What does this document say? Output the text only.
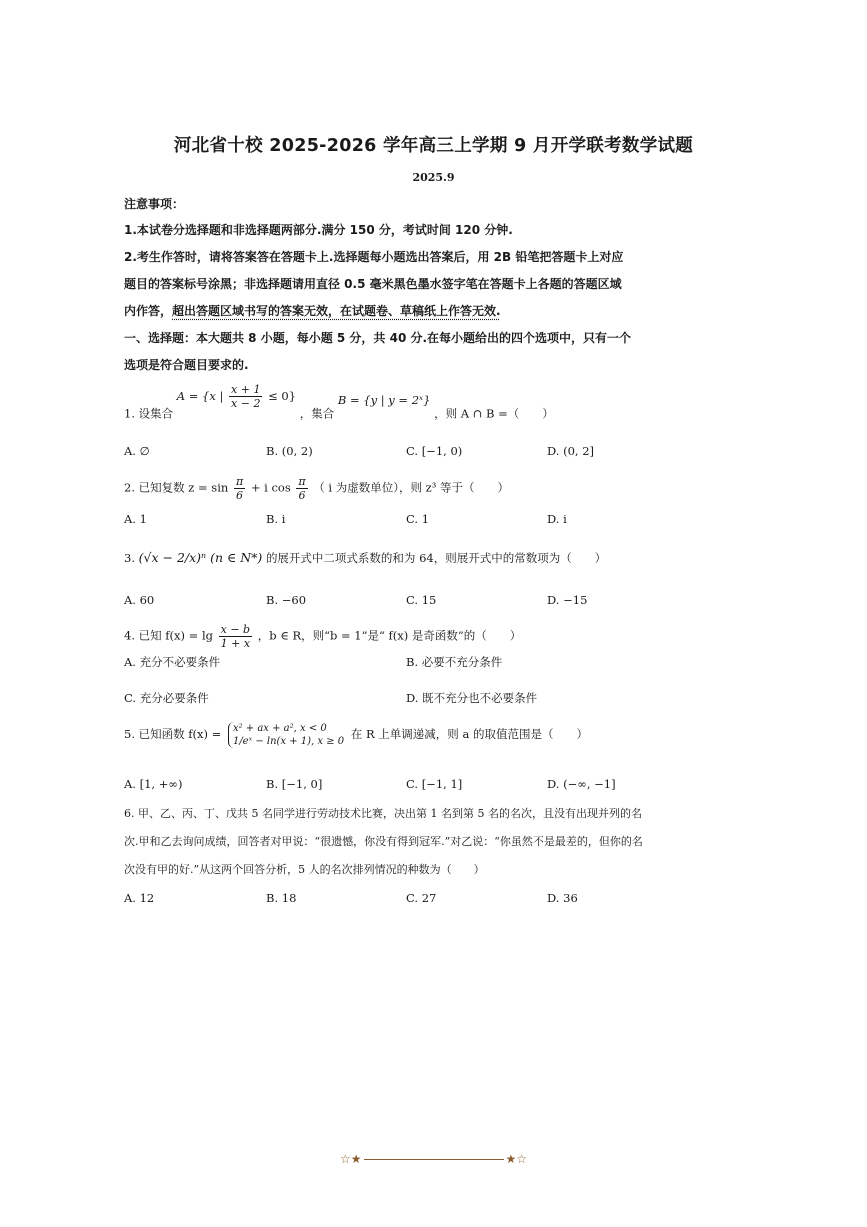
河北省十校 2025-2026 学年高三上学期 9 月开学联考数学试题
2025.9
注意事项：
1.本试卷分选择题和非选择题两部分.满分 150 分，考试时间 120 分钟.
2.考生作答时，请将答案答在答题卡上.选择题每小题选出答案后，用 2B 铅笔把答题卡上对应
题目的答案标号涂黑；非选择题请用直径 0.5 毫米黑色墨水签字笔在答题卡上各题的答题区域
内作答，超出答题区域书写的答案无效，在试题卷、草稿纸上作答无效.
一、选择题：本大题共 8 小题，每小题 5 分，共 40 分.在每小题给出的四个选项中，只有一个
选项是符合题目要求的.
1. 设集合 A = {x | $\frac{x + 1}{x - 2} \le 0$} ，集合 B = {y | y = 2ˣ} ，则 A ∩ B =（　　）
A. ∅	B. (0, 2)	C. [−1, 0)	D. (0, 2]
2. 已知复数 $z = \sin \frac{\pi}{6} + i$ $\cos \frac{\pi}{6}$ （ i 为虚数单位），则 z³ 等于（　　）
A. 1	B. i	C. 1	D. i
3. (√x − 2/x)ⁿ (n ∈ N*) 的展开式中二项式系数的和为 64，则展开式中的常数项为（　　）
A. 60	B. −60	C. 15	D. −15
4. 已知 $f(x) = \lg \frac{x - b}{1 + x}$ ，b ∈ R，则“b = 1”是“ f(x) 是奇函数”的（　　）
A. 充分不必要条件	B. 必要不充分条件
C. 充分必要条件	D. 既不充分也不必要条件
5. 已知函数 f(x) = x² + ax + a², x < 0
1/eˣ − ln(x + 1), x ≥ 0
在 R 上单调递减，则 a 的取值范围是（　　）
A. [1, +∞)	B. [−1, 0]	C. [−1, 1]	D. (−∞, −1]
6. 甲、乙、丙、丁、戊共 5 名同学进行劳动技术比赛，决出第 1 名到第 5 名的名次，且没有出现并列的名
次.甲和乙去询问成绩，回答者对甲说：“很遗憾，你没有得到冠军.”对乙说：“你虽然不是最差的，但你的名
次没有甲的好.”从这两个回答分析，5 人的名次排列情况的种数为（　　）
A. 12	B. 18	C. 27	D. 36
☆★	★☆
